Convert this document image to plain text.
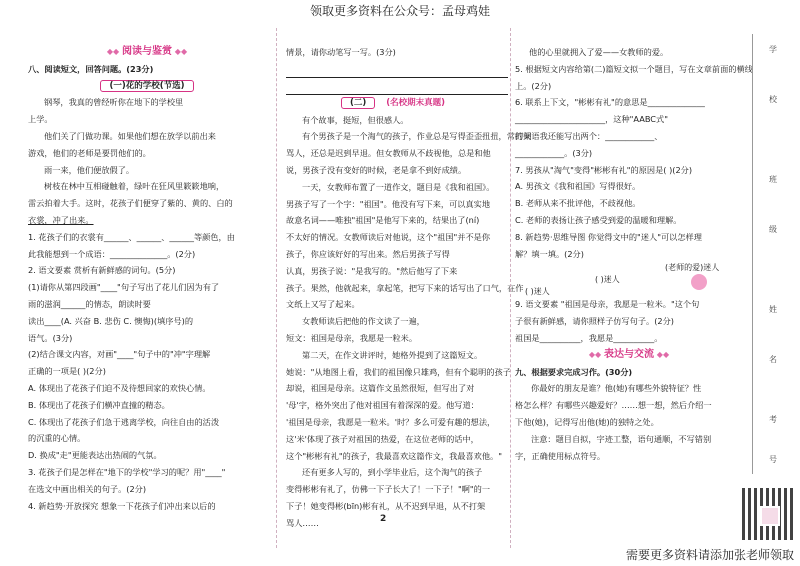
领取更多资料在公众号：孟母鸡娃

◆◆ 阅读与鉴赏 ◆◆

八、阅读短文，回答问题。(23分)

(一)花的学校(节选)

钢琴，我真的曾经听你在地下的学校里

上学。

他们关了门做功课。如果他们想在放学以前出来

游戏，他们的老师是要罚他们的。

雨一来，他们便放假了。

树枝在林中互相碰触着，绿叶在狂风里簌簌地响，

雷云拍着大手。这时，花孩子们便穿了紫的、黄的、白的

衣裳，冲了出来。

1. 花孩子们的衣裳有______、______、______等颜色，由

此我能想到一个成语：______________。(2分)

2. 语文要素 赏析有新鲜感的词句。(5分)

(1)请你从第四段画"____"句子写出了花儿们因为有了

雨的滋润______的情态，朗读时要

读出____(A. 兴奋 B. 悲伤 C. 懊悔)(填序号)的

语气。(3分)

(2)结合课文内容，对画"____"句子中的"冲"字理解

正确的一项是( )(2分)

A. 体现出了花孩子们迫不及待想回家的欢快心情。

B. 体现出了花孩子们横冲直撞的精态。

C. 体现出了花孩子们急于逃离学校，向往自由的活泼

的沉重的心情。

D. 换成"走"更能表达出热闹的气氛。

3. 花孩子们是怎样在"地下的学校"学习的呢？用"____"

在选文中画出相关的句子。(2分)

4. 新趋势·开放探究 想象一下花孩子们冲出来以后的

情景，请你动笔写一写。(3分)

(二) (名校期末真题)

有个故事，挺短，但很感人。

有个男孩子是一个淘气的孩子，作业总是写得歪歪扭扭，常打架

骂人，还总是迟到早退。但女教师从不歧视他，总是和他

说，男孩子没有变好的时候，老是拿不到好成绩。

一天，女教师布置了一道作文，题目是《我和祖国》。

男孩子写了一个字："祖国"。他没有写下来，可以真实地

故意名词——唯独"祖国"是他写下来的，结果出了(ní)

不太好的情况。女教师读后对他说，这个"祖国"并不是你

孩子，你应该好好的写出来。然后男孩子写得

认真，男孩子说："是我写的。"然后他写了下来

孩子。果然，他就起来，拿起笔，把写下来的话写出了口气，在作

文纸上又写了起来。

女教师读后把他的作文读了一遍，

短文：祖国是母亲，我愿是一粒米。

第二天，在作文讲评时，她格外提到了这篇短文。

她说："从地图上看，我们的祖国像只雄鸡，但有个聪明的孩子

却说，祖国是母亲。这篇作文虽然很短，但写出了对

'母'字，格外突出了他对祖国有着深深的爱。他写道：

'祖国是母亲，我愿是一粒米。'时？多么可爱有趣的想法，

这'米'体现了孩子对祖国的热爱，在这位老师的话中，

这个"彬彬有礼"的孩子，我最喜欢这篇作文，我最喜欢他。"

还有更多人写的，到小学毕业后，这个淘气的孩子

变得彬彬有礼了，仿佛一下子长大了！一下子！"啊"的一

下子！她变得彬(bīn)彬有礼，从不迟到早退，从不打架

骂人……

他的心里就拥入了爱——女教师的爱。

5. 根据短文内容给第(二)篇短文拟一个题目，写在文章前面的横线

上。(2分)

6. 联系上下文，"彬彬有礼"的意思是______________

______________________，这种"AABC式"

的词语我还能写出两个：____________、

____________。(3分)

7. 男孩从"淘气"变得"彬彬有礼"的原因是( )(2分)

A. 男孩文《我和祖国》写得很好。

B. 老师从来不批评他，不歧视他。

C. 老师的表扬让孩子感受到爱的温暖和理解。

8. 新趋势·思维导图 你觉得文中的"迷人"可以怎样理

解？填一填。(2分)

(老师的爱)迷人
( )迷人
( )迷人

9. 语文要素 "祖国是母亲，我愿是一粒米。"这个句

子很有新鲜感，请你照样子仿写句子。(2分)

祖国是__________，我愿是__________。

◆◆ 表达与交流 ◆◆

九、根据要求完成习作。(30分)

你最好的朋友是谁？他(她)有哪些外貌特征？性

格怎么样？有哪些兴趣爱好？……想一想，然后介绍一

下他(她)，记得写出他(她)的独特之处。

注意：题目自拟，字迹工整，语句通顺，不写错别

字，正确使用标点符号。

学
校
班
级
姓
名
考
号
2
需要更多资料请添加张老师领取
